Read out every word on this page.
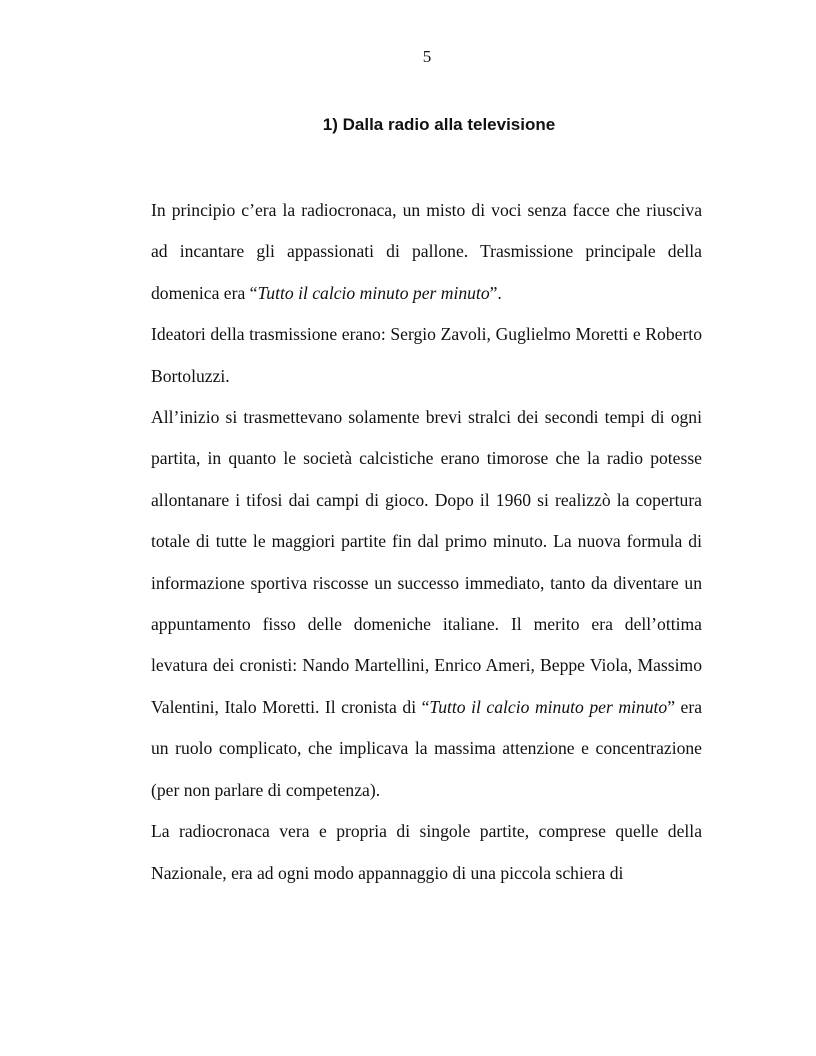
5
1) Dalla radio alla televisione

In principio c’era la radiocronaca, un misto di voci senza facce che riusciva ad incantare gli appassionati di pallone. Trasmissione principale della domenica era “Tutto il calcio minuto per minuto”.

Ideatori della trasmissione erano: Sergio Zavoli, Guglielmo Moretti e Roberto Bortoluzzi.

All’inizio si trasmettevano solamente brevi stralci dei secondi tempi di ogni partita, in quanto le società calcistiche erano timorose che la radio potesse allontanare i tifosi dai campi di gioco. Dopo il 1960 si realizzò la copertura totale di tutte le maggiori partite fin dal primo minuto. La nuova formula di informazione sportiva riscosse un successo immediato, tanto da diventare un appuntamento fisso delle domeniche italiane. Il merito era dell’ottima levatura dei cronisti: Nando Martellini, Enrico Ameri, Beppe Viola, Massimo Valentini, Italo Moretti. Il cronista di “Tutto il calcio minuto per minuto” era un ruolo complicato, che implicava la massima attenzione e concentrazione (per non parlare di competenza).

La radiocronaca vera e propria di singole partite, comprese quelle della Nazionale, era ad ogni modo appannaggio di una piccola schiera di
